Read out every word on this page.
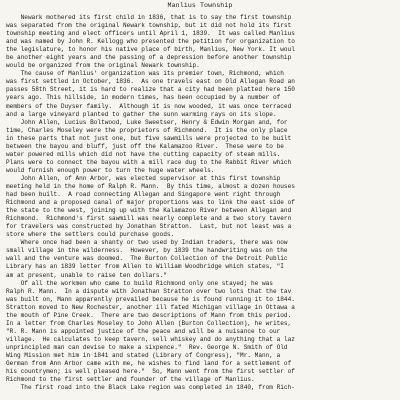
Manlius Township
Newark mothered its first child in 1836, that is to say the first township
was separated from the original Newark township, but it did not hold its first
township meeting and elect officers until April 1, 1839.  It was called Manlius
and was named by John R. Kellogg who presented the petition for organization to
the legislature, to honor his native place of birth, Manlius, New York. It woul
be another eight years and the passing of a depression before another township
would be organized from the original Newark township.
The cause of Manlius' organization was its premier town, Richmond, which
was first settled in October, 1836.  As one travels east on Old Allegan Road an
passes 58th Street, it is hard to realize that a city had been platted here 150
years ago. This hillside, in modern times, has been occupied by a number of
members of the Duyser family.  Although it is now wooded, it was once terraced
and a large vineyard planted to gather the sunn warming rays on its slope.
John Allen, Lucius Boltwood, Luke Sweetser, Henry & Edwin Morgan and, for
time, Charles Moseley were the proprietors of Richmond.  It is the only place
in these parts that not just one, but five sawmills were projected to be built
between the bayou and bluff, just off the Kalamazoo River.  These were to be
water powered mills which did not have the cutting capacity of steam mills.
Plans were to connect the bayou with a mill race dug to the Rabbit River which
would furnish enough power to turn the huge water wheels.
John Allen, of Ann Arbor, was elected supervisor at this first township
meeting held in the home of Ralph R. Mann.  By this time, almost a dozen houses
had been built.  A road connecting Allegan and Singapore went right through
Richmond and a proposed canal of major proportions was to link the east side of
the state to the west, joining up with the Kalamazoo River between Allegan and
Richmond.  Richmond's first sawmill was nearly complete and a two story tavern
for travelers was constructed by Jonathan Stratton.  Last, but not least was a
store where the settlers could purchase goods.
Where once had been a shanty or two used by Indian traders, there was now
small village in the wilderness.  However, by 1839 the handwriting was on the
wall and the venture was doomed.  The Burton Collection of the Detroit Public
Library has an 1839 letter from Allen to William Woodbridge which states, "I
am at present, unable to raise ten dollars."
Of all the workmen who came to build Richmond only one stayed; he was
Ralph R. Mann.  In a dispute with Jonathan Stratton over two lots that the tav
was built on, Mann apparently prevailed because he is found running it to 1844.
Stratton moved to New Rochester, another ill fated Michigan village in Ottawa a
the mouth of Pine Creek.  There are two descriptions of Mann from this period.
In a letter from Charles Moseley to John Allen (Burton Collection), he writes,
"R. R. Mann is appointed justice of the peace and will be a nuisance to our
village.  He calculates to keep tavern, sell whiskey and do anything that a laz
unprincipled man can devise to make a sixpence."  Rev. George N. Smith of Old
Wing Mission met him in 1841 and stated (Library of Congress), "Mr. Mann, a
German from Ann Arbor came with me, he wishes to find land for a settlement of
his countrymen; is well pleased here."  So, Mann went from the first settler of
Richmond to the first settler and founder of the village of Manlius.
The first road into the Black Lake region was completed in 1840, from Rich-
